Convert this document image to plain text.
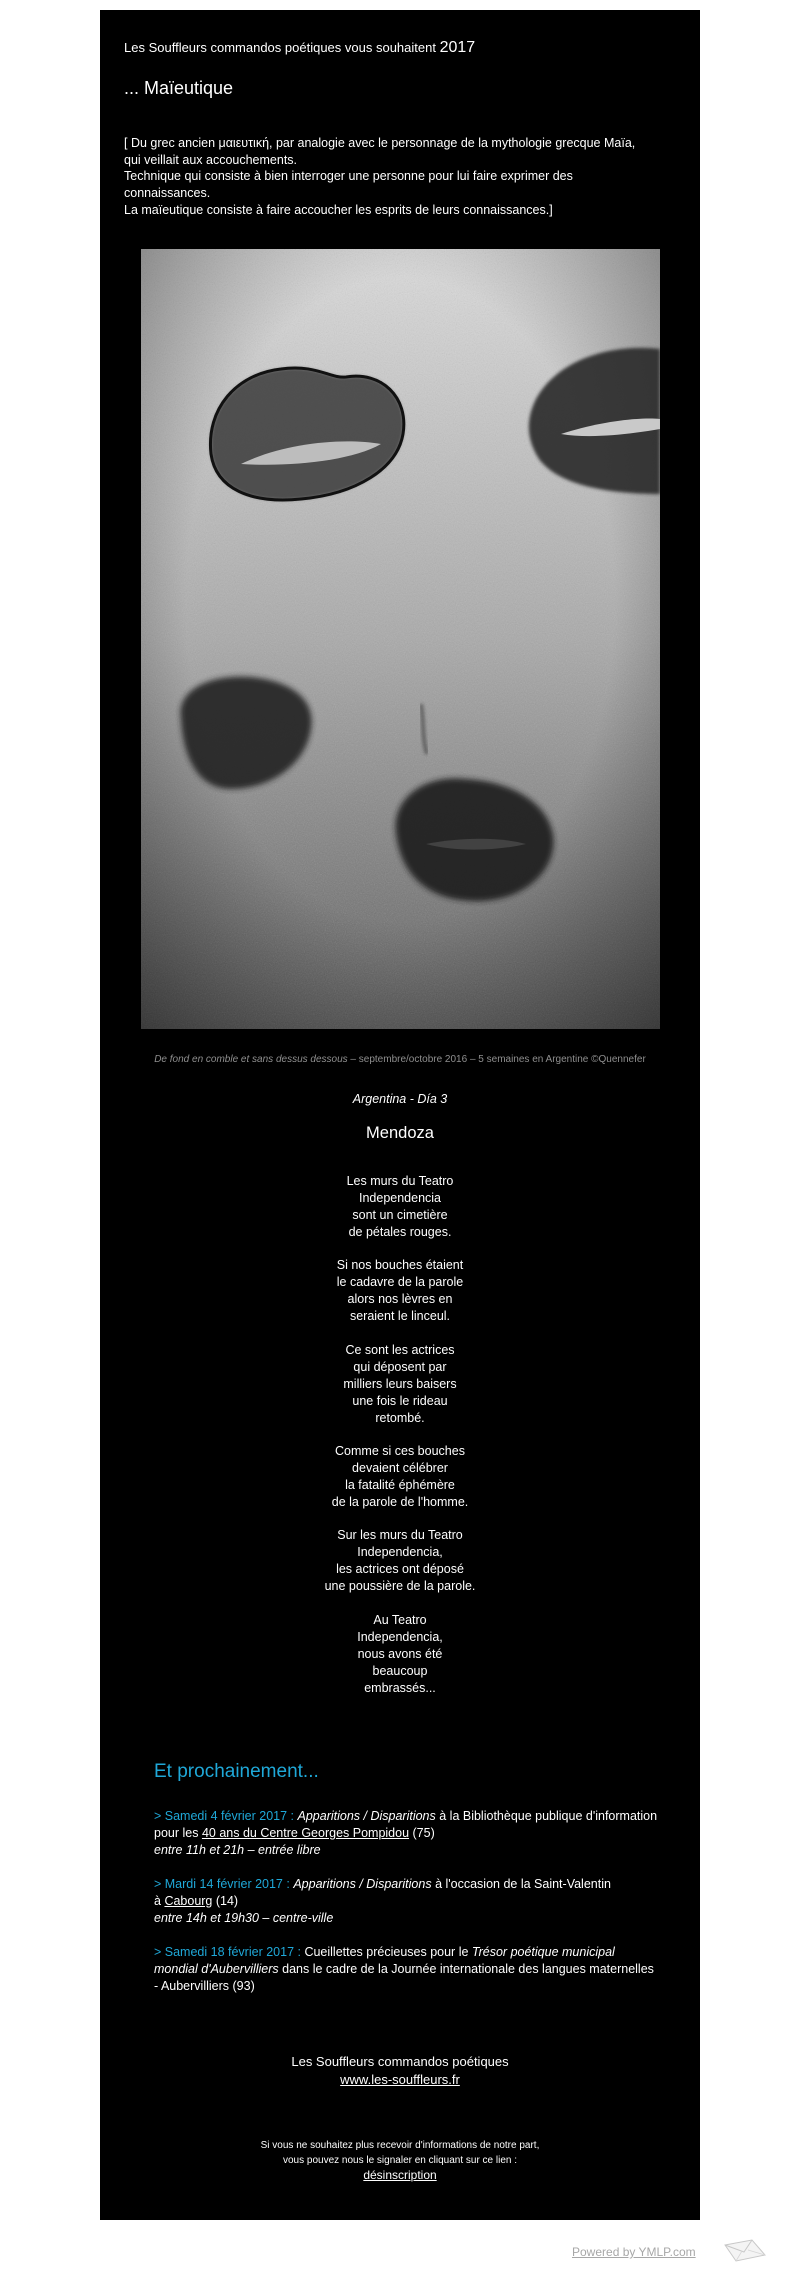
Les Souffleurs commandos poétiques vous souhaitent 2017
... Maïeutique
[ Du grec ancien μαιευτική, par analogie avec le personnage de la mythologie grecque Maïa,
qui veillait aux accouchements.
Technique qui consiste à bien interroger une personne pour lui faire exprimer des
connaissances.
La maïeutique consiste à faire accoucher les esprits de leurs connaissances.]
De fond en comble et sans dessus dessous – septembre/octobre 2016 – 5 semaines en Argentine ©Quennefer
Argentina - Día 3
Mendoza
Les murs du Teatro
Independencia
sont un cimetière
de pétales rouges.
Si nos bouches étaient
le cadavre de la parole
alors nos lèvres en
seraient le linceul.
Ce sont les actrices
qui déposent par
milliers leurs baisers
une fois le rideau
retombé.
Comme si ces bouches
devaient célébrer
la fatalité éphémère
de la parole de l'homme.
Sur les murs du Teatro
Independencia,
les actrices ont déposé
une poussière de la parole.
Au Teatro
Independencia,
nous avons été
beaucoup
embrassés...
Et prochainement...
> Samedi 4 février 2017 : Apparitions / Disparitions à la Bibliothèque publique d'information
pour les 40 ans du Centre Georges Pompidou (75)
entre 11h et 21h – entrée libre
> Mardi 14 février 2017 : Apparitions / Disparitions à l'occasion de la Saint-Valentin
à Cabourg (14)
entre 14h et 19h30 – centre-ville
> Samedi 18 février 2017 : Cueillettes précieuses pour le Trésor poétique municipal
mondial d'Aubervilliers dans le cadre de la Journée internationale des langues maternelles
- Aubervilliers (93)
Les Souffleurs commandos poétiques
www.les-souffleurs.fr
Si vous ne souhaitez plus recevoir d'informations de notre part,
vous pouvez nous le signaler en cliquant sur ce lien :
désinscription
Powered by YMLP.com
